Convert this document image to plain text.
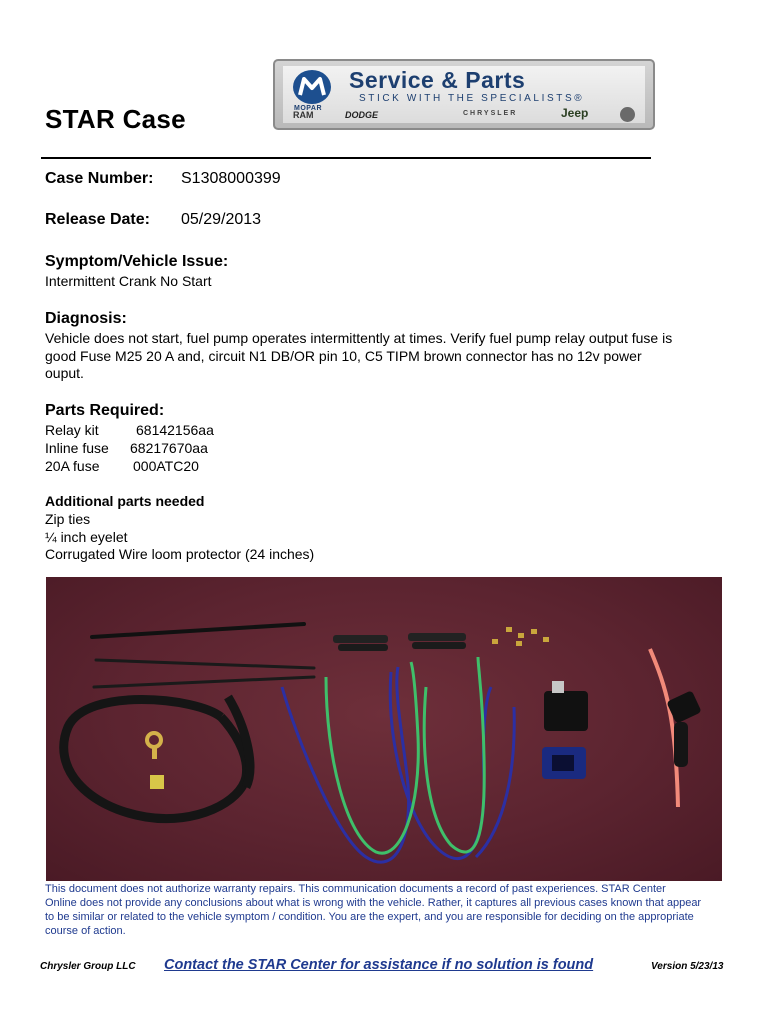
STAR Case	MOPAR
Service & Parts
STICK WITH THE SPECIALISTS®
RAM	DODGE	CHRYSLER	Jeep
Case Number: S1308000399
Release Date: 05/29/2013
Symptom/Vehicle Issue:
Intermittent Crank No Start
Diagnosis:
Vehicle does not start, fuel pump operates intermittently at times. Verify fuel pump relay output fuse is
good Fuse M25 20 A and, circuit N1 DB/OR pin 10, C5 TIPM brown connector has no 12v power
ouput.
Parts Required:
Relay kit	68142156aa
Inline fuse 68217670aa
20A fuse 000ATC20
Additional parts needed
Zip ties
¼ inch eyelet
Corrugated Wire loom protector (24 inches)
This document does not authorize warranty repairs. This communication documents a record of past experiences. STAR Center
Online does not provide any conclusions about what is wrong with the vehicle. Rather, it captures all previous cases known that appear
to be similar or related to the vehicle symptom / condition. You are the expert, and you are responsible for deciding on the appropriate
course of action.
Chrysler Group LLC Contact the STAR Center for assistance if no solution is found	Version 5/23/13
